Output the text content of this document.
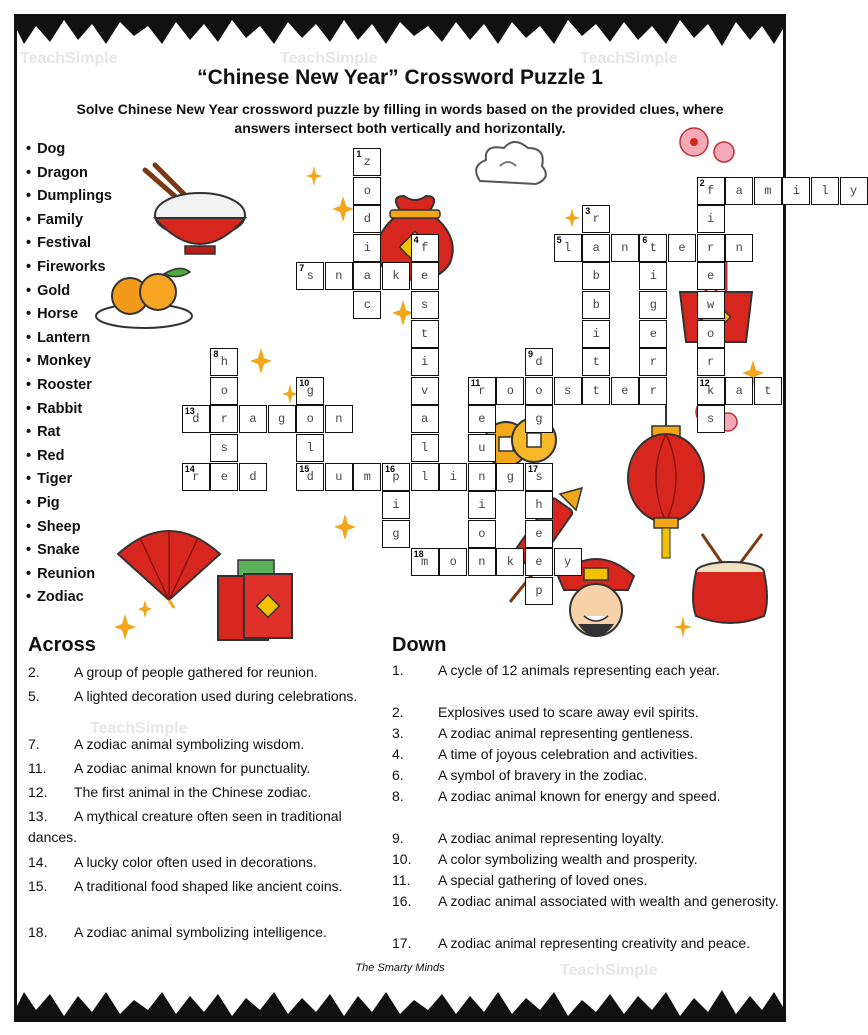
TeachSimple	TeachSimple	TeachSimple
TeachSimple
TeachSimple
“Chinese New Year” Crossword Puzzle 1
Solve Chinese New Year crossword puzzle by filling in words based on the provided clues, where answers intersect both vertically and horizontally.
• Dog
• Dragon
• Dumplings
• Family
• Festival
• Fireworks
• Gold
• Horse
• Lantern
• Monkey
• Rooster
• Rabbit
• Rat
• Red
• Tiger
• Pig
• Sheep
• Snake
• Reunion
• Zodiac
z
1
o
d
i
a
c
f
2
a	m	i	l	y
i
r
e
w
o
r
k
12
s
r
3
a
b
b
i
t
f
4
e
s
t
i
v
a
l
l
5
n	t
6
e	n
i
g
e
r
s
7
n	k
h
8
o
r
s
e
d
9
o
g
g
10
o
l
d
15
r
11
o	s	t	e	r
e
u
n
i
o
n
a	t
d
13
a	g	n
r
14
d	u	m	p
16
l	i	g	s
17
i
g
h
e
e
p
m
18
o	k	y
Across	Down
2. A group of people gathered for reunion.
5. A lighted decoration used during celebrations.
7. A zodiac animal symbolizing wisdom.
11. A zodiac animal known for punctuality.
12. The first animal in the Chinese zodiac.
13. A mythical creature often seen in traditional dances.
14. A lucky color often used in decorations.
15. A traditional food shaped like ancient coins.
18. A zodiac animal symbolizing intelligence.
1. A cycle of 12 animals representing each year.
2. Explosives used to scare away evil spirits.
3. A zodiac animal representing gentleness.
4. A time of joyous celebration and activities.
6. A symbol of bravery in the zodiac.
8. A zodiac animal known for energy and speed.
9. A zodiac animal representing loyalty.
10. A color symbolizing wealth and prosperity.
11. A special gathering of loved ones.
16. A zodiac animal associated with wealth and generosity.
17. A zodiac animal representing creativity and peace.
The Smarty Minds
